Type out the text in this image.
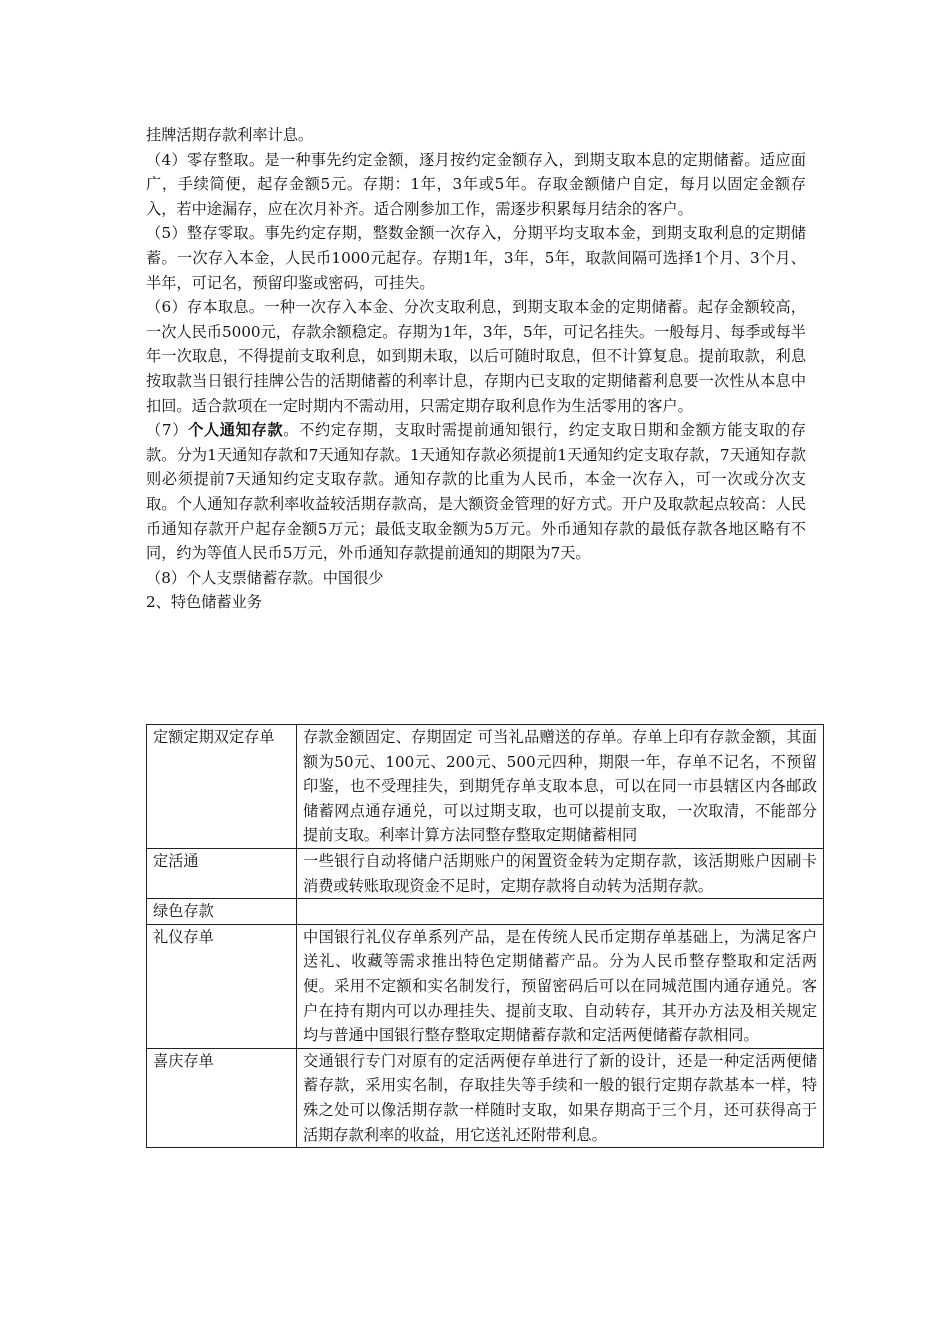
挂牌活期存款利率计息。

（4）零存整取。是一种事先约定金额，逐月按约定金额存入，到期支取本息的定期储蓄。适应面广，手续简便，起存金额5元。存期：1年，3年或5年。存取金额储户自定，每月以固定金额存入，若中途漏存，应在次月补齐。适合刚参加工作，需逐步积累每月结余的客户。

（5）整存零取。事先约定存期，整数金额一次存入，分期平均支取本金，到期支取利息的定期储蓄。一次存入本金，人民币1000元起存。存期1年，3年，5年，取款间隔可选择1个月、3个月、半年，可记名，预留印鉴或密码，可挂失。

（6）存本取息。一种一次存入本金、分次支取利息，到期支取本金的定期储蓄。起存金额较高，一次人民币5000元，存款余额稳定。存期为1年，3年，5年，可记名挂失。一般每月、每季或每半年一次取息，不得提前支取利息，如到期未取，以后可随时取息，但不计算复息。提前取款，利息按取款当日银行挂牌公告的活期储蓄的利率计息，存期内已支取的定期储蓄利息要一次性从本息中扣回。适合款项在一定时期内不需动用，只需定期存取利息作为生活零用的客户。

（7）个人通知存款。不约定存期，支取时需提前通知银行，约定支取日期和金额方能支取的存款。分为1天通知存款和7天通知存款。1天通知存款必须提前1天通知约定支取存款，7天通知存款则必须提前7天通知约定支取存款。通知存款的比重为人民币，本金一次存入，可一次或分次支取。个人通知存款利率收益较活期存款高，是大额资金管理的好方式。开户及取款起点较高：人民币通知存款开户起存金额5万元；最低支取金额为5万元。外币通知存款的最低存款各地区略有不同，约为等值人民币5万元，外币通知存款提前通知的期限为7天。

（8）个人支票储蓄存款。中国很少

2、特色储蓄业务

定额定期双定存单	存款金额固定、存期固定 可当礼品赠送的存单。存单上印有存款金额，其面额为50元、100元、200元、500元四种，期限一年，存单不记名，不预留印鉴，也不受理挂失，到期凭存单支取本息，可以在同一市县辖区内各邮政储蓄网点通存通兑，可以过期支取，也可以提前支取，一次取清，不能部分提前支取。利率计算方法同整存整取定期储蓄相同
定活通	一些银行自动将储户活期账户的闲置资金转为定期存款，该活期账户因刷卡消费或转账取现资金不足时，定期存款将自动转为活期存款。
绿色存款	
礼仪存单	中国银行礼仪存单系列产品，是在传统人民币定期存单基础上，为满足客户送礼、收藏等需求推出特色定期储蓄产品。分为人民币整存整取和定活两便。采用不定额和实名制发行，预留密码后可以在同城范围内通存通兑。客户在持有期内可以办理挂失、提前支取、自动转存，其开办方法及相关规定均与普通中国银行整存整取定期储蓄存款和定活两便储蓄存款相同。
喜庆存单	交通银行专门对原有的定活两便存单进行了新的设计，还是一种定活两便储蓄存款，采用实名制，存取挂失等手续和一般的银行定期存款基本一样，特殊之处可以像活期存款一样随时支取，如果存期高于三个月，还可获得高于活期存款利率的收益，用它送礼还附带利息。
